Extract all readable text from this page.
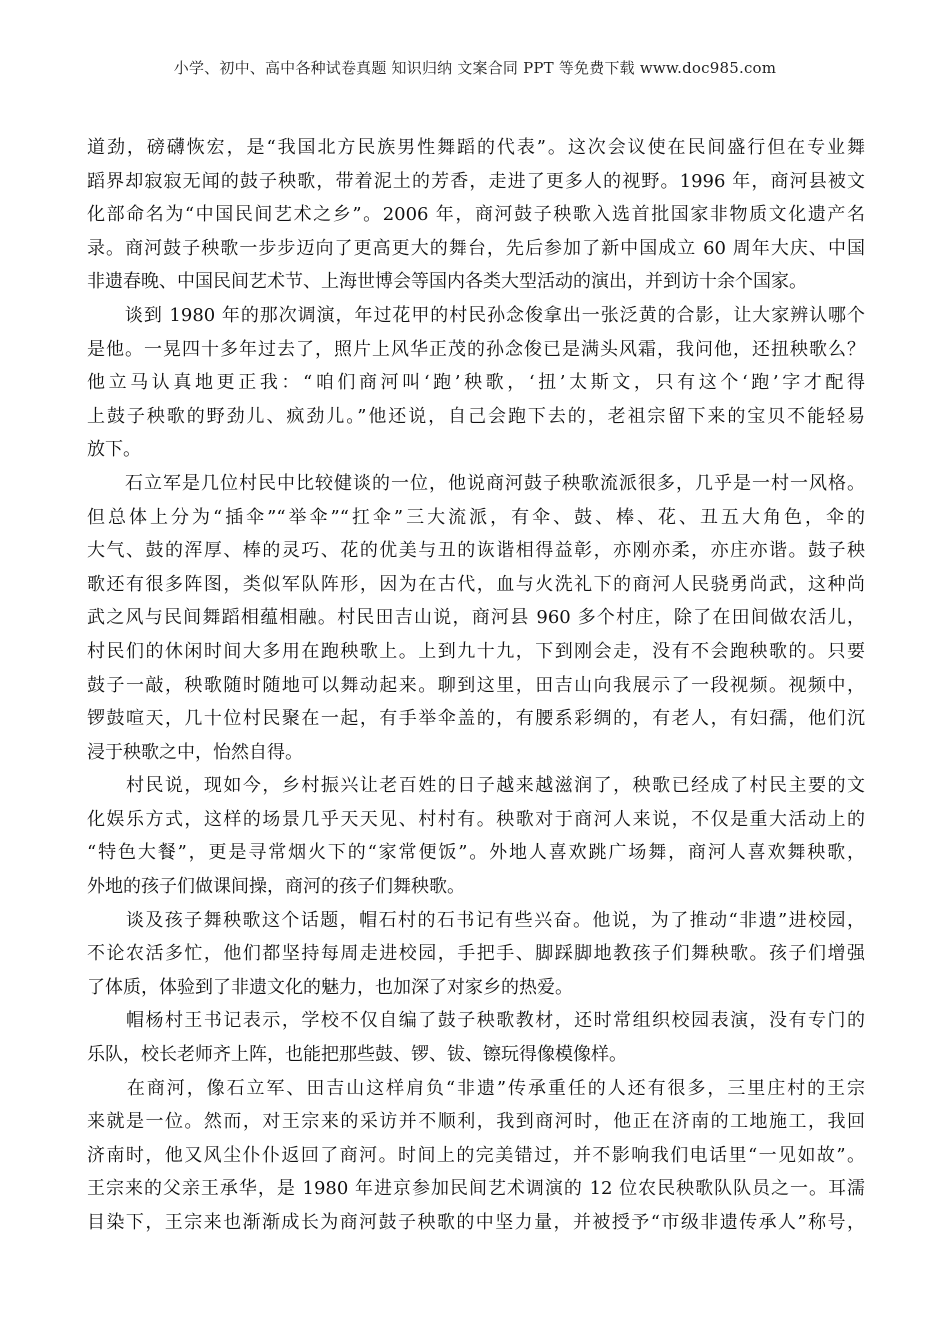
小学、初中、高中各种试卷真题 知识归纳 文案合同 PPT 等免费下载 www.doc985.com
道劲，磅礴恢宏，是“我国北方民族男性舞蹈的代表”。这次会议使在民间盛行但在专业舞
蹈界却寂寂无闻的鼓子秧歌，带着泥土的芳香，走进了更多人的视野。1996 年，商河县被文
化部命名为“中国民间艺术之乡”。2006 年，商河鼓子秧歌入选首批国家非物质文化遗产名
录。商河鼓子秧歌一步步迈向了更高更大的舞台，先后参加了新中国成立 60 周年大庆、中国
非遗春晚、中国民间艺术节、上海世博会等国内各类大型活动的演出，并到访十余个国家。
　　谈到 1980 年的那次调演，年过花甲的村民孙念俊拿出一张泛黄的合影，让大家辨认哪个
是他。一晃四十多年过去了，照片上风华正茂的孙念俊已是满头风霜，我问他，还扭秧歌么？
他立马认真地更正我：“咱们商河叫‘跑’秧歌，‘扭’太斯文，只有这个‘跑’字才配得
上鼓子秧歌的野劲儿、疯劲儿。”他还说，自己会跑下去的，老祖宗留下来的宝贝不能轻易
放下。
　　石立军是几位村民中比较健谈的一位，他说商河鼓子秧歌流派很多，几乎是一村一风格。
但总体上分为“插伞”“举伞”“扛伞”三大流派，有伞、鼓、棒、花、丑五大角色，伞的
大气、鼓的浑厚、棒的灵巧、花的优美与丑的诙谐相得益彰，亦刚亦柔，亦庄亦谐。鼓子秧
歌还有很多阵图，类似军队阵形，因为在古代，血与火洗礼下的商河人民骁勇尚武，这种尚
武之风与民间舞蹈相蕴相融。村民田吉山说，商河县 960 多个村庄，除了在田间做农活儿，
村民们的休闲时间大多用在跑秧歌上。上到九十九，下到刚会走，没有不会跑秧歌的。只要
鼓子一敲，秧歌随时随地可以舞动起来。聊到这里，田吉山向我展示了一段视频。视频中，
锣鼓喧天，几十位村民聚在一起，有手举伞盖的，有腰系彩绸的，有老人，有妇孺，他们沉
浸于秧歌之中，怡然自得。
　　村民说，现如今，乡村振兴让老百姓的日子越来越滋润了，秧歌已经成了村民主要的文
化娱乐方式，这样的场景几乎天天见、村村有。秧歌对于商河人来说，不仅是重大活动上的
“特色大餐”，更是寻常烟火下的“家常便饭”。外地人喜欢跳广场舞，商河人喜欢舞秧歌，
外地的孩子们做课间操，商河的孩子们舞秧歌。
　　谈及孩子舞秧歌这个话题，帽石村的石书记有些兴奋。他说，为了推动“非遗”进校园，
不论农活多忙，他们都坚持每周走进校园，手把手、脚踩脚地教孩子们舞秧歌。孩子们增强
了体质，体验到了非遗文化的魅力，也加深了对家乡的热爱。
　　帽杨村王书记表示，学校不仅自编了鼓子秧歌教材，还时常组织校园表演，没有专门的
乐队，校长老师齐上阵，也能把那些鼓、锣、钹、镲玩得像模像样。
　　在商河，像石立军、田吉山这样肩负“非遗”传承重任的人还有很多，三里庄村的王宗
来就是一位。然而，对王宗来的采访并不顺利，我到商河时，他正在济南的工地施工，我回
济南时，他又风尘仆仆返回了商河。时间上的完美错过，并不影响我们电话里“一见如故”。
王宗来的父亲王承华，是 1980 年进京参加民间艺术调演的 12 位农民秧歌队队员之一。耳濡
目染下，王宗来也渐渐成长为商河鼓子秧歌的中坚力量，并被授予“市级非遗传承人”称号，
